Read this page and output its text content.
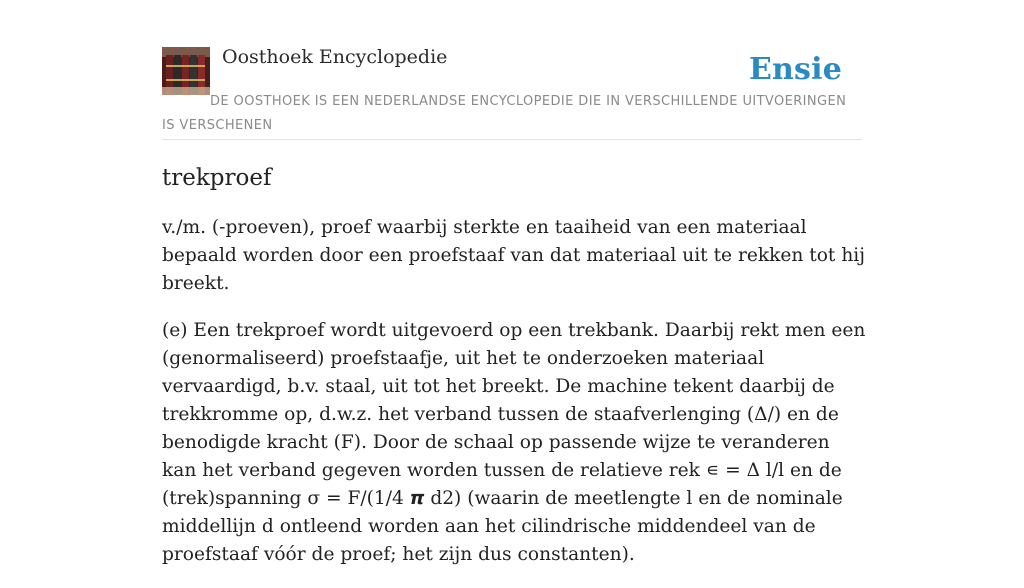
Oosthoek Encyclopedie	Ensie
DE OOSTHOEK IS EEN NEDERLANDSE ENCYCLOPEDIE DIE IN VERSCHILLENDE UITVOERINGEN IS VERSCHENEN
trekproef

v./m. (-proeven), proef waarbij sterkte en taaiheid van een materiaal bepaald worden door een proefstaaf van dat materiaal uit te rekken tot hij breekt.

(e) Een trekproef wordt uitgevoerd op een trekbank. Daarbij rekt men een (genormaliseerd) proefstaafje, uit het te onderzoeken materiaal vervaardigd, b.v. staal, uit tot het breekt. De machine tekent daarbij de trekkromme op, d.w.z. het verband tussen de staafverlenging (Δ/) en de benodigde kracht (F). Door de schaal op passende wijze te veranderen kan het verband gegeven worden tussen de relatieve rek ∊ = Δ l/l en de (trek)spanning σ = F/(1/4 𝞹 d2) (waarin de meetlengte l en de nominale middellijn d ontleend worden aan het cilindrische middendeel van de proefstaaf vóór de proef; het zijn dus constanten).
